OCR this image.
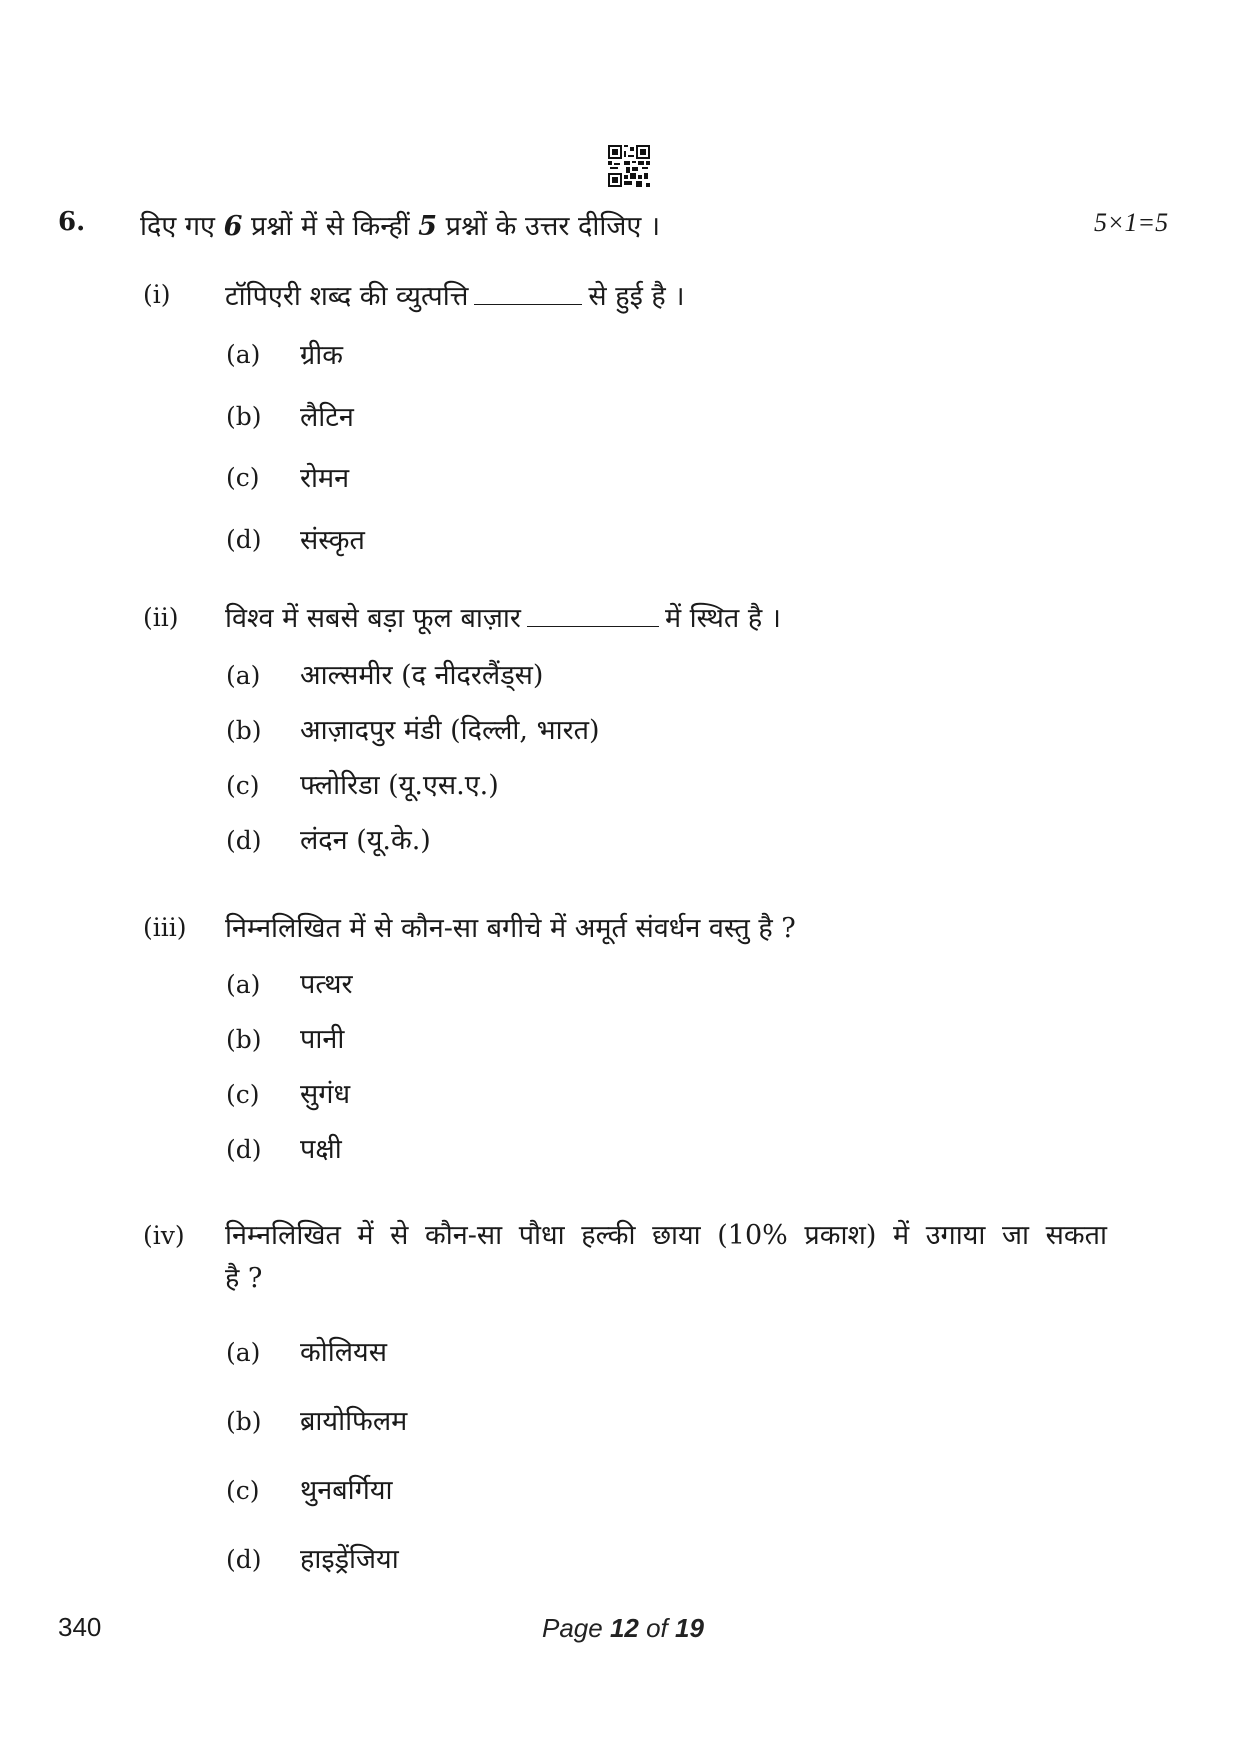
6. दिए गए 6 प्रश्नों में से किन्हीं 5 प्रश्नों के उत्तर दीजिए ।	5×1=5
(i) टॉपिएरी शब्द की व्युत्पत्ति	से हुई है ।
(a) ग्रीक
(b) लैटिन
(c) रोमन
(d) संस्कृत
(ii) विश्व में सबसे बड़ा फूल बाज़ार	में स्थित है ।
(a) आल्समीर (द नीदरलैंड्स)
(b) आज़ादपुर मंडी (दिल्ली, भारत)
(c) फ्लोरिडा (यू.एस.ए.)
(d) लंदन (यू.के.)
(iii) निम्नलिखित में से कौन-सा बगीचे में अमूर्त संवर्धन वस्तु है ?
(a) पत्थर
(b) पानी
(c) सुगंध
(d) पक्षी
(iv) निम्नलिखित में से कौन-सा पौधा हल्की छाया (10% प्रकाश) में उगाया जा सकता
है ?
(a) कोलियस
(b) ब्रायोफिलम
(c) थुनबर्गिया
(d) हाइड्रेंजिया
340	Page 12 of 19
